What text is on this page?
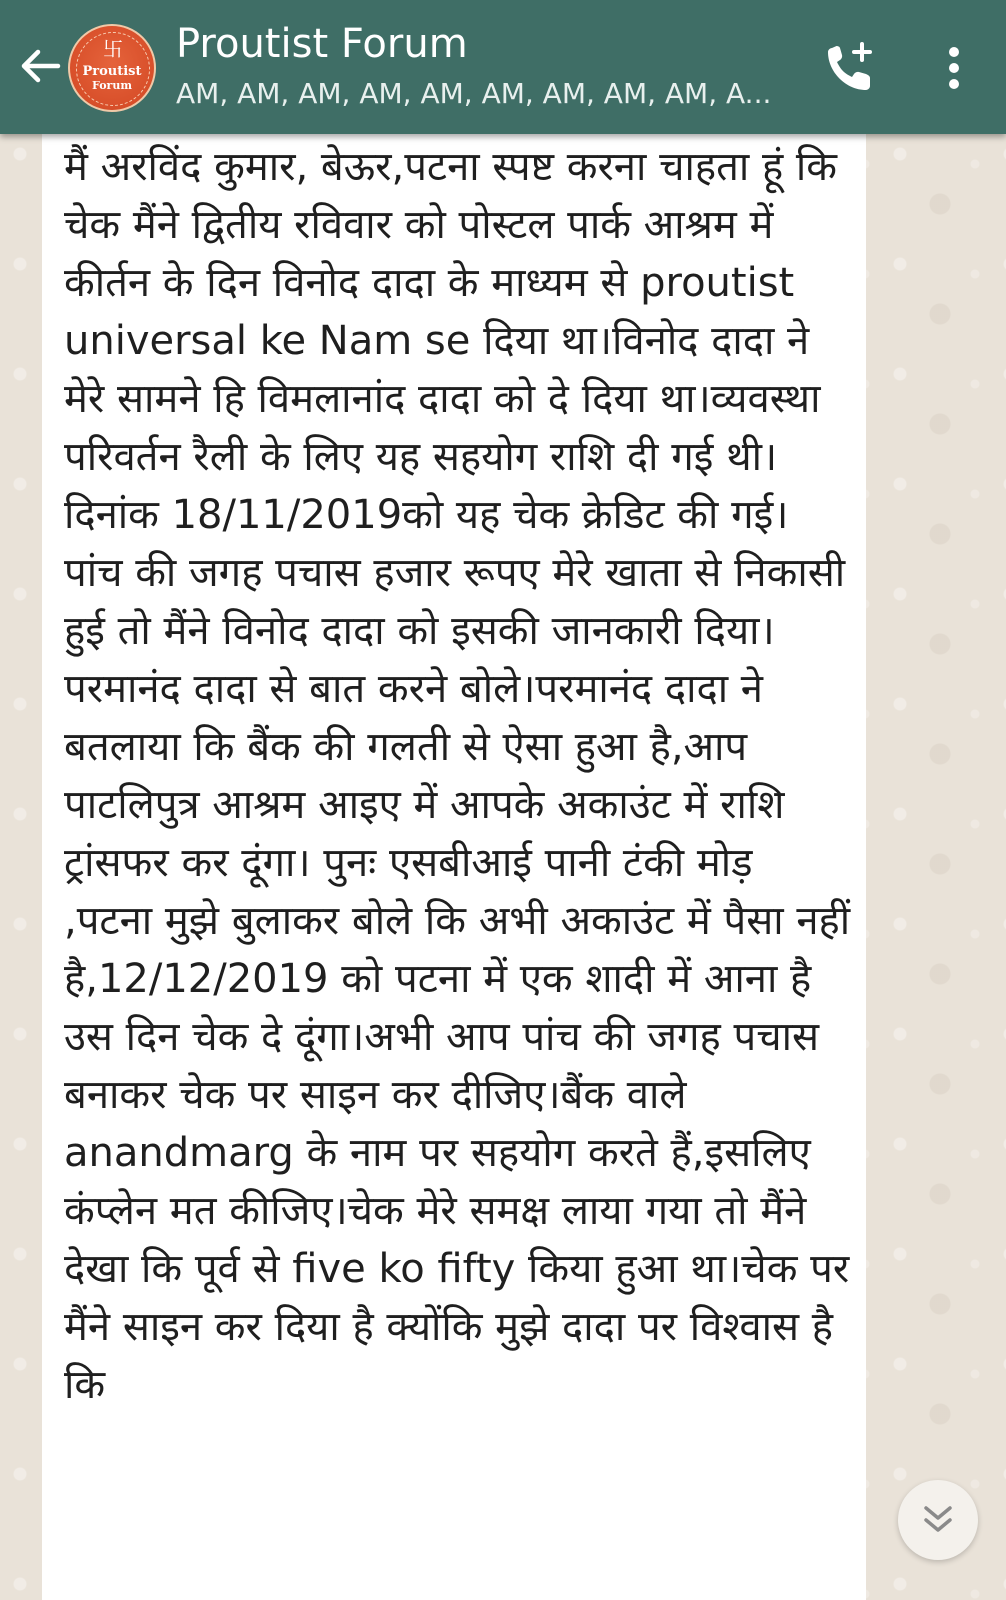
卐
Proutist
Forum
Proutist Forum
AM, AM, AM, AM, AM, AM, AM, AM, AM, A...

मैं अरविंद कुमार, बेऊर,पटना स्पष्ट करना चाहता हूं कि चेक मैंने द्वितीय रविवार को पोस्टल पार्क आश्रम में कीर्तन के दिन विनोद दादा के माध्यम से proutist universal ke Nam se दिया था।विनोद दादा ने मेरे सामने हि विमलानांद दादा को दे दिया था।व्यवस्था परिवर्तन रैली के लिए यह सहयोग राशि दी गई थी।दिनांक 18/11/2019को यह चेक क्रेडिट की गई। पांच की जगह पचास हजार रूपए मेरे खाता से निकासी हुई तो मैंने विनोद दादा को इसकी जानकारी दिया।परमानंद दादा से बात करने बोले।परमानंद दादा ने बतलाया कि बैंक की गलती से ऐसा हुआ है,आप पाटलिपुत्र आश्रम आइए में आपके अकाउंट में राशि ट्रांसफर कर दूंगा। पुनः एसबीआई पानी टंकी मोड़ ,पटना मुझे बुलाकर बोले कि अभी अकाउंट में पैसा नहीं है,12/12/2019 को पटना में एक शादी में आना है उस दिन चेक दे दूंगा।अभी आप पांच की जगह पचास बनाकर चेक पर साइन कर दीजिए।बैंक वाले anandmarg के नाम पर सहयोग करते हैं,इसलिए कंप्लेन मत कीजिए।चेक मेरे समक्ष लाया गया तो मैंने देखा कि पूर्व से five ko fifty किया हुआ था।चेक पर मैंने साइन कर दिया है क्योंकि मुझे दादा पर विश्वास है कि
